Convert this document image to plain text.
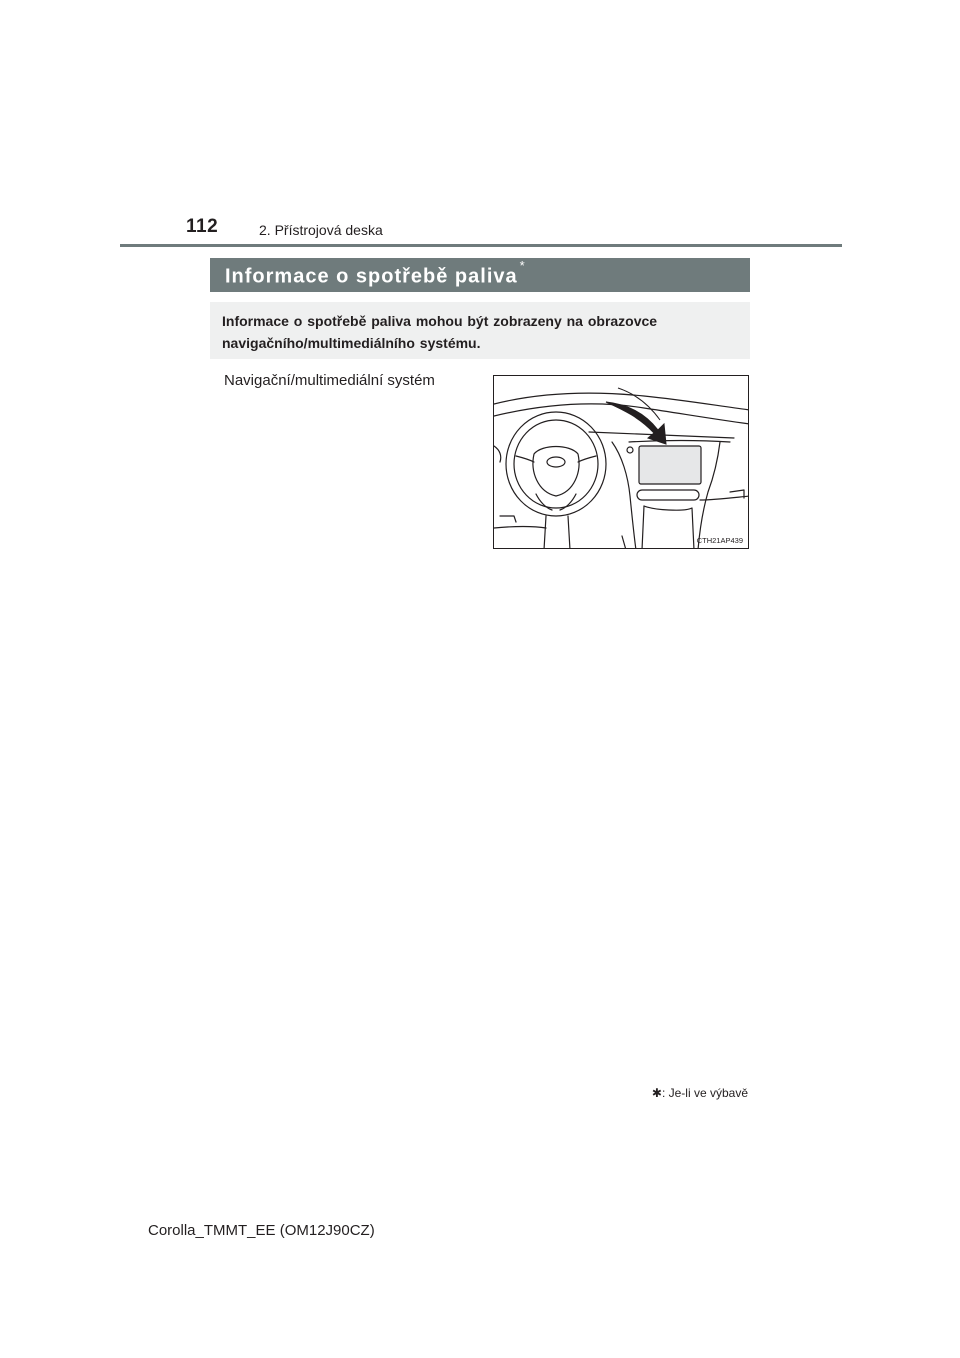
112	2. Přístrojová deska
Informace o spotřebě paliva*
Informace o spotřebě paliva mohou být zobrazeny na obrazovce navigačního/multimediálního systému.
Navigační/multimediální systém
CTH21AP439
✱: Je-li ve výbavě
Corolla_TMMT_EE (OM12J90CZ)
